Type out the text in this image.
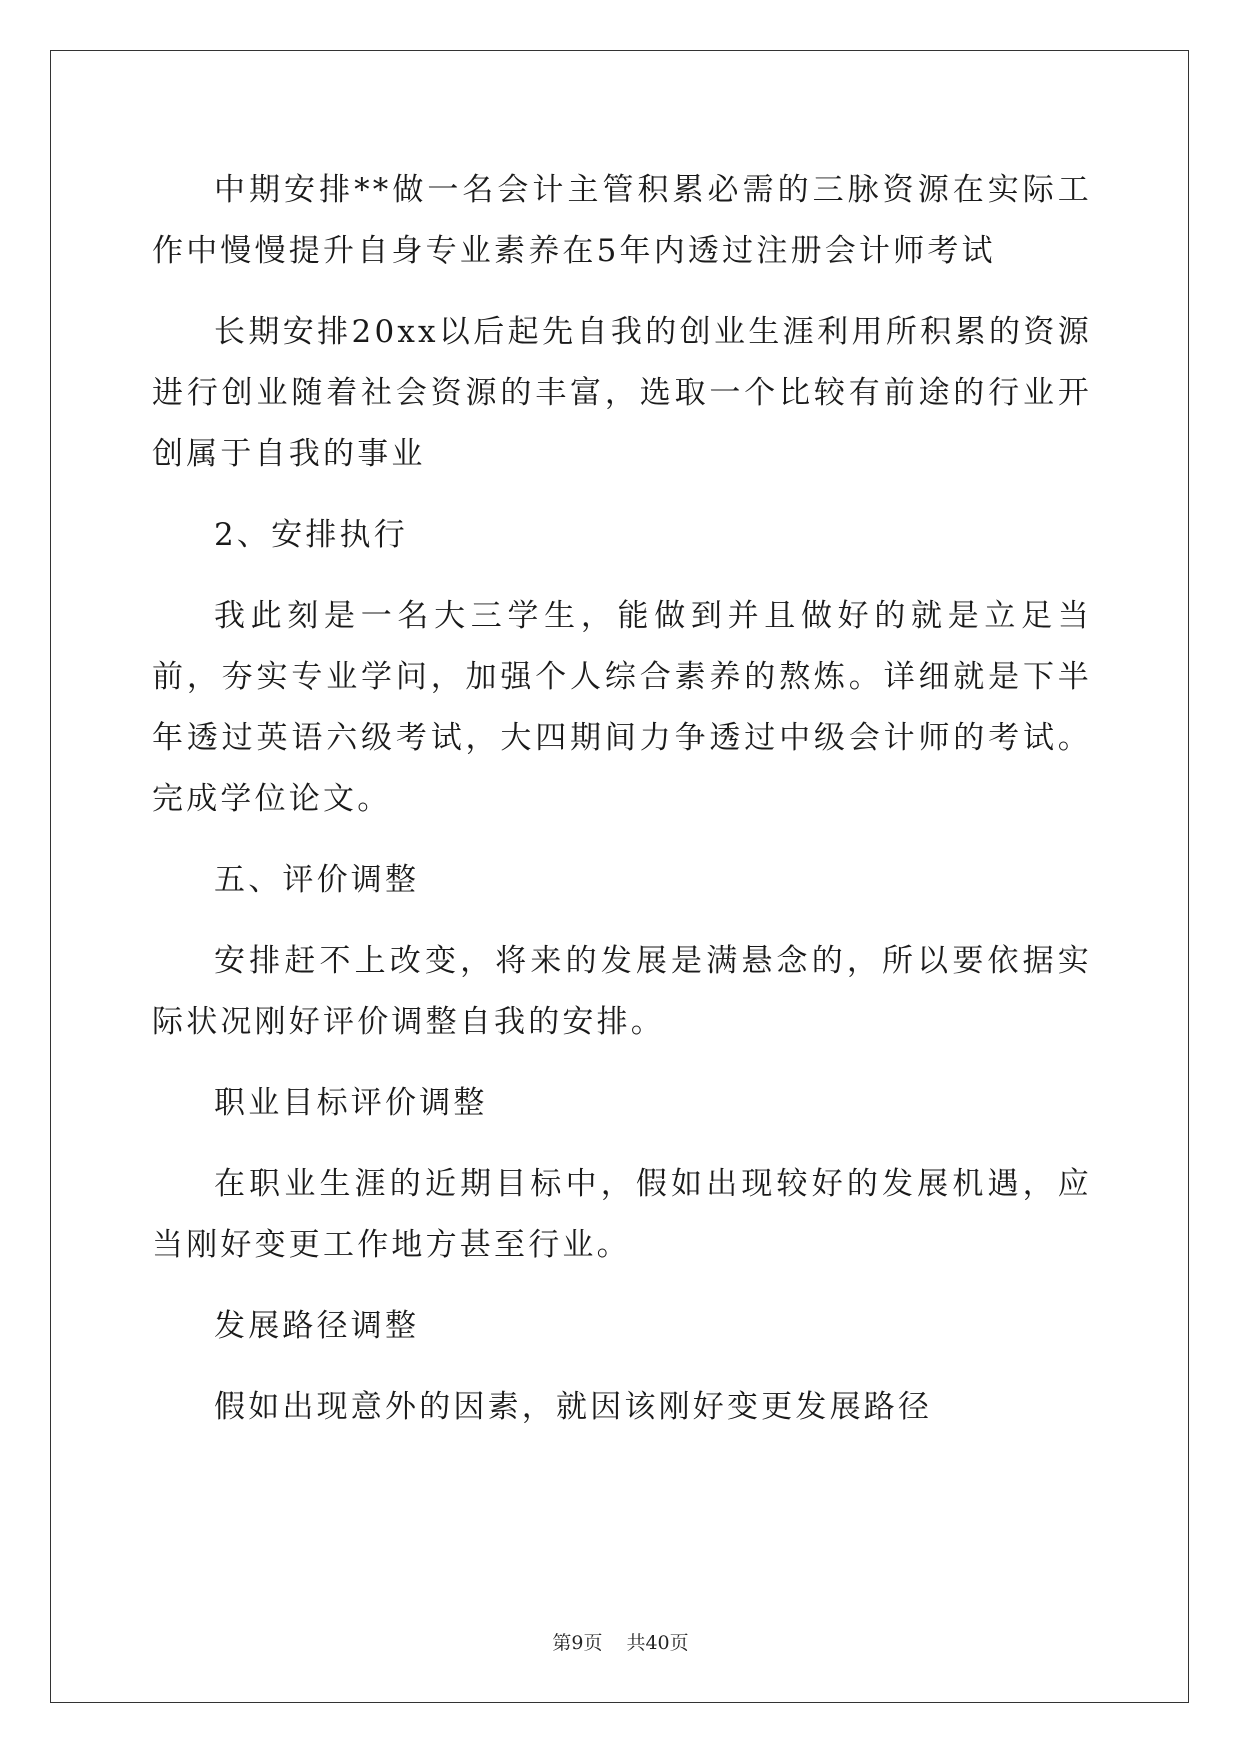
中期安排**做一名会计主管积累必需的三脉资源在实际工作中慢慢提升自身专业素养在5年内透过注册会计师考试

长期安排20xx以后起先自我的创业生涯利用所积累的资源进行创业随着社会资源的丰富，选取一个比较有前途的行业开创属于自我的事业

2、安排执行

我此刻是一名大三学生，能做到并且做好的就是立足当前，夯实专业学问，加强个人综合素养的熬炼。详细就是下半年透过英语六级考试，大四期间力争透过中级会计师的考试。完成学位论文。

五、评价调整

安排赶不上改变，将来的发展是满悬念的，所以要依据实际状况刚好评价调整自我的安排。

职业目标评价调整

在职业生涯的近期目标中，假如出现较好的发展机遇，应当刚好变更工作地方甚至行业。

发展路径调整

假如出现意外的因素，就因该刚好变更发展路径

第9页 共40页
